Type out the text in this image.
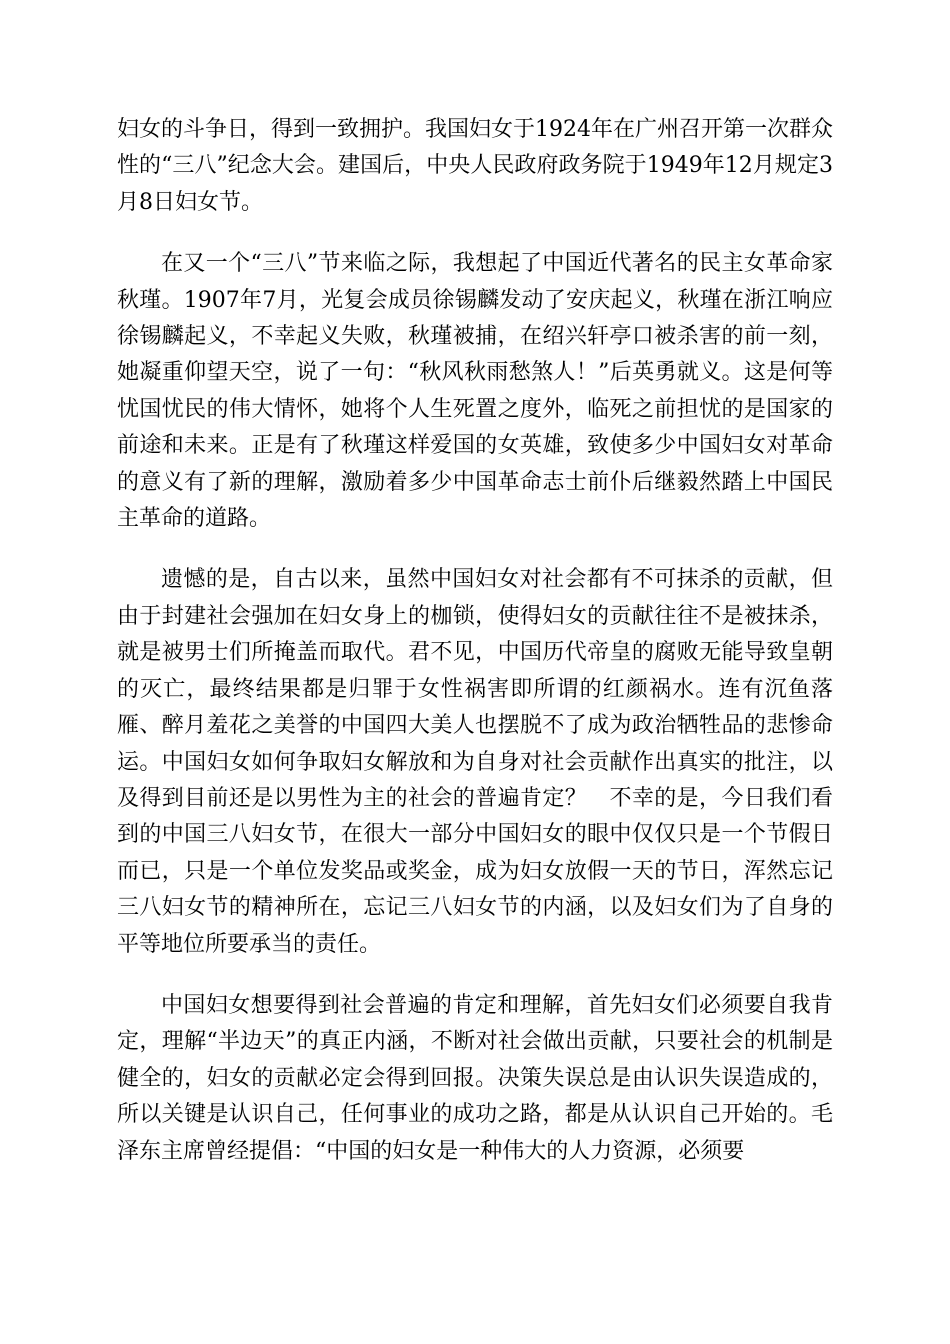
妇女的斗争日，得到一致拥护。我国妇女于1924年在广州召开第一次群众性的“三八”纪念大会。建国后，中央人民政府政务院于1949年12月规定3月8日妇女节。

在又一个“三八”节来临之际，我想起了中国近代著名的民主女革命家秋瑾。1907年7月，光复会成员徐锡麟发动了安庆起义，秋瑾在浙江响应徐锡麟起义，不幸起义失败，秋瑾被捕，在绍兴轩亭口被杀害的前一刻，她凝重仰望天空，说了一句：“秋风秋雨愁煞人！”后英勇就义。这是何等忧国忧民的伟大情怀，她将个人生死置之度外，临死之前担忧的是国家的前途和未来。正是有了秋瑾这样爱国的女英雄，致使多少中国妇女对革命的意义有了新的理解，激励着多少中国革命志士前仆后继毅然踏上中国民主革命的道路。

遗憾的是，自古以来，虽然中国妇女对社会都有不可抹杀的贡献，但由于封建社会强加在妇女身上的枷锁，使得妇女的贡献往往不是被抹杀，就是被男士们所掩盖而取代。君不见，中国历代帝皇的腐败无能导致皇朝的灭亡，最终结果都是归罪于女性祸害即所谓的红颜祸水。连有沉鱼落雁、醉月羞花之美誉的中国四大美人也摆脱不了成为政治牺牲品的悲惨命运。中国妇女如何争取妇女解放和为自身对社会贡献作出真实的批注，以及得到目前还是以男性为主的社会的普遍肯定？　不幸的是，今日我们看到的中国三八妇女节，在很大一部分中国妇女的眼中仅仅只是一个节假日而已，只是一个单位发奖品或奖金，成为妇女放假一天的节日，浑然忘记三八妇女节的精神所在，忘记三八妇女节的内涵，以及妇女们为了自身的平等地位所要承当的责任。

中国妇女想要得到社会普遍的肯定和理解，首先妇女们必须要自我肯定，理解“半边天”的真正内涵，不断对社会做出贡献，只要社会的机制是健全的，妇女的贡献必定会得到回报。决策失误总是由认识失误造成的，所以关键是认识自己，任何事业的成功之路，都是从认识自己开始的。毛泽东主席曾经提倡：“中国的妇女是一种伟大的人力资源，必须要
